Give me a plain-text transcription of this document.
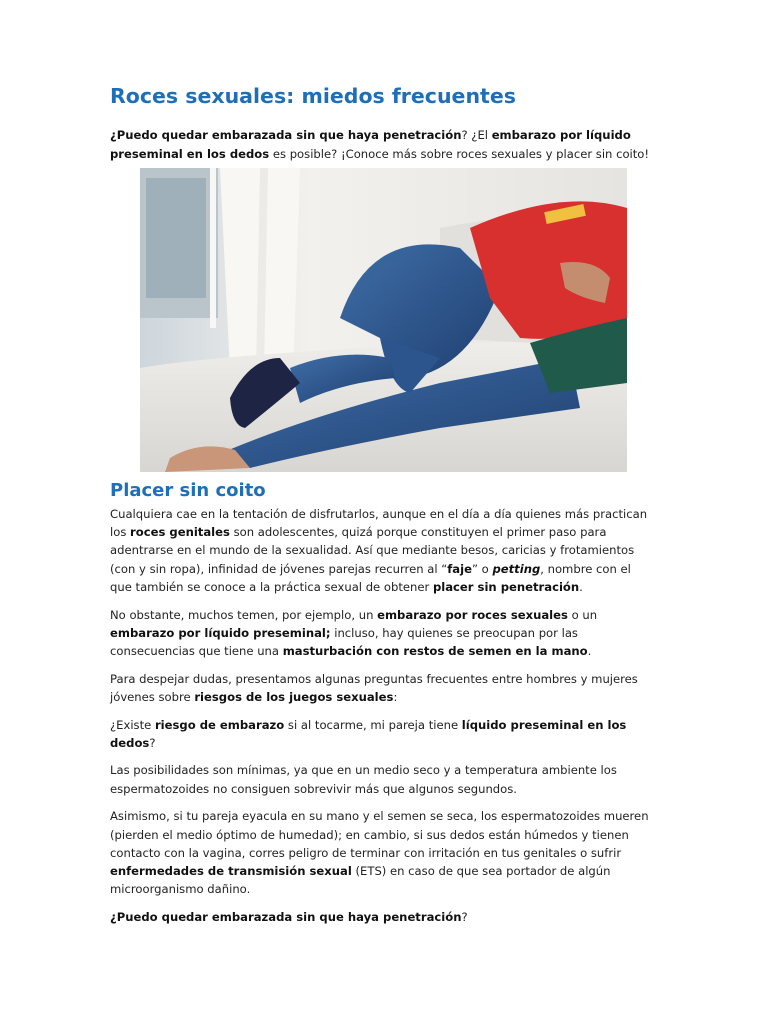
Roces sexuales: miedos frecuentes

¿Puedo quedar embarazada sin que haya penetración? ¿El embarazo por líquido preseminal en los dedos es posible? ¡Conoce más sobre roces sexuales y placer sin coito!

Placer sin coito

Cualquiera cae en la tentación de disfrutarlos, aunque en el día a día quienes más practican los roces genitales son adolescentes, quizá porque constituyen el primer paso para adentrarse en el mundo de la sexualidad. Así que mediante besos, caricias y frotamientos (con y sin ropa), infinidad de jóvenes parejas recurren al “faje” o petting, nombre con el que también se conoce a la práctica sexual de obtener placer sin penetración.

No obstante, muchos temen, por ejemplo, un embarazo por roces sexuales o un embarazo por líquido preseminal; incluso, hay quienes se preocupan por las consecuencias que tiene una masturbación con restos de semen en la mano.

Para despejar dudas, presentamos algunas preguntas frecuentes entre hombres y mujeres jóvenes sobre riesgos de los juegos sexuales:

¿Existe riesgo de embarazo si al tocarme, mi pareja tiene líquido preseminal en los dedos?

Las posibilidades son mínimas, ya que en un medio seco y a temperatura ambiente los espermatozoides no consiguen sobrevivir más que algunos segundos.

Asimismo, si tu pareja eyacula en su mano y el semen se seca, los espermatozoides mueren (pierden el medio óptimo de humedad); en cambio, si sus dedos están húmedos y tienen contacto con la vagina, corres peligro de terminar con irritación en tus genitales o sufrir enfermedades de transmisión sexual (ETS) en caso de que sea portador de algún microorganismo dañino.

¿Puedo quedar embarazada sin que haya penetración?
